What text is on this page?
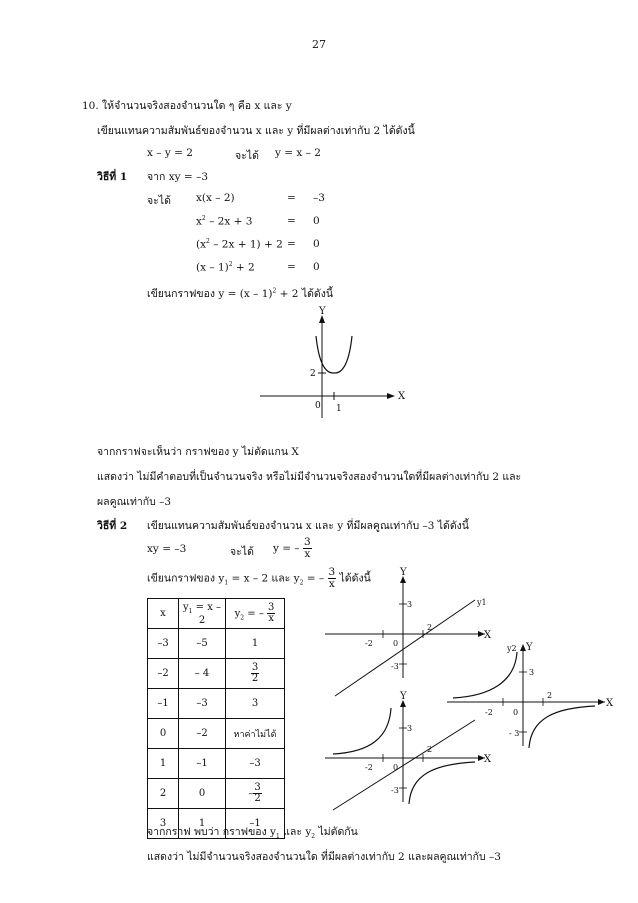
27
10. ให้จำนวนจริงสองจำนวนใด ๆ คือ x และ y
เขียนแทนความสัมพันธ์ของจำนวน x และ y ที่มีผลต่างเท่ากับ 2 ได้ดังนี้
x – y = 2	จะได้ y = x – 2
วิธีที่ 1 จาก xy = –3
จะได้ x(x – 2)	= –3
$x^2 - 2x + 3$	= 0
$(x^2 - 2x + 1) + 2 = 0$
(x – 1)$^2$ + 2	= 0
เขียนกราฟของ y = (x – 1)$^2$ + 2 ได้ดังนี้
Y
X
2
0 1
จากกราฟจะเห็นว่า กราฟของ y ไม่ตัดแกน X
แสดงว่า ไม่มีคำตอบที่เป็นจำนวนจริง หรือไม่มีจำนวนจริงสองจำนวนใดที่มีผลต่างเท่ากับ 2 และ
ผลคูณเท่ากับ –3
วิธีที่ 2 เขียนแทนความสัมพันธ์ของจำนวน x และ y ที่มีผลคูณเท่ากับ –3 ได้ดังนี้
xy = –3	จะได้ y = – $\frac{3}{x}$
เขียนกราฟของ $y_1 = x - 2$ และ $y_2$ = – $\frac{3}{x}$ ได้ดังนี้
x	$y_1 = x - 2$	$y_2$ = – $\frac{3}{x}$

–3	–5	1
–2	– 4	$\frac{3}{2}$

–1	–3	3
0	–2	หาค่าไม่ได้
1	–1	–3
2	0	– $\frac{3}{2}$

3	1	–1
Y
X
y1
3
2
-2	0
-3
Y
X
y2
3
2
-2	0
- 3
Y
X
3
2
-2	0
-3
จากกราฟ พบว่า กราฟของ $y_1$ และ $y_2$ ไม่ตัดกัน
แสดงว่า ไม่มีจำนวนจริงสองจำนวนใด ที่มีผลต่างเท่ากับ 2 และผลคูณเท่ากับ –3
